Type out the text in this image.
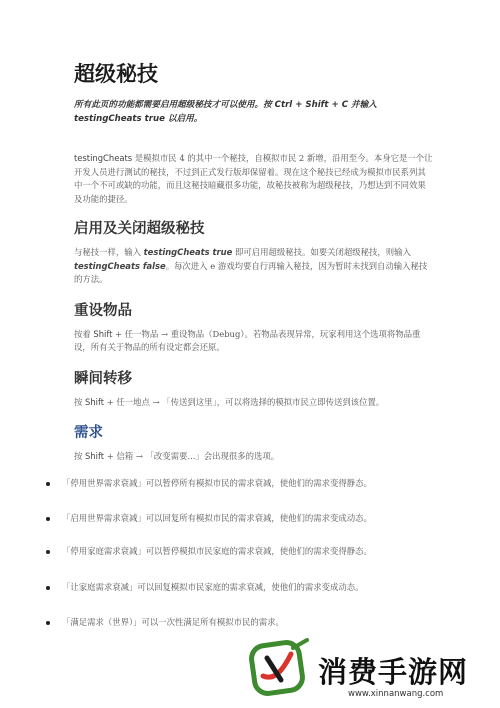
超级秘技
所有此页的功能都需要启用超级秘技才可以使用。按 Ctrl + Shift + C 并输入
testingCheats true 以启用。

testingCheats 是模拟市民 4 的其中一个秘技，自模拟市民 2 新增，沿用至今。本身它是一个让开发人员进行测试的秘技，不过到正式发行版却保留着。现在这个秘技已经成为模拟市民系列其中一个不可或缺的功能，而且这秘技暗藏很多功能，故秘技被称为超级秘技，乃想达到不同效果及功能的捷径。

启用及关闭超级秘技

与秘技一样，输入 testingCheats true 即可启用超级秘技。如要关闭超级秘技，则输入 testingCheats false。每次进入 e 游戏均要自行再输入秘技，因为暂时未找到自动输入秘技的方法。

重设物品

按着 Shift + 任一物品 → 重设物品（Debug）。若物品表现异常，玩家利用这个选项将物品重设，所有关于物品的所有设定都会还原。

瞬间转移

按 Shift + 任一地点 → 「传送到这里」，可以将选择的模拟市民立即传送到该位置。

需求

按 Shift + 信箱 → 「改变需要...」会出现很多的选项。

「停用世界需求衰减」可以暂停所有模拟市民的需求衰减，使他们的需求变得静态。
「启用世界需求衰减」可以回复所有模拟市民的需求衰减，使他们的需求变成动态。
「停用家庭需求衰减」可以暂停模拟市民家庭的需求衰减，使他们的需求变得静态。
「让家庭需求衰减」可以回复模拟市民家庭的需求衰减，使他们的需求变成动态。
「满足需求（世界）」可以一次性满足所有模拟市民的需求。
消费手游网
www.xinnanwang.com
